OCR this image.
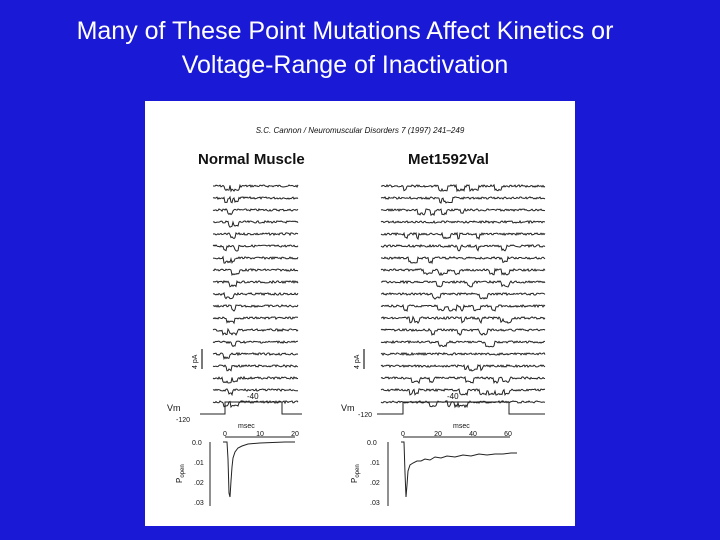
Many of These Point Mutations Affect Kinetics or
Voltage-Range of Inactivation
S.C. Cannon / Neuromuscular Disorders 7 (1997) 241–249
Normal Muscle	Met1592Val
4 pA	4 pA
Vm
-120
-40
Vm
-120
-40
msec
0	10	20
msec
0	20	40	60
0.0
.01
.02
.03
$P_{open}$
0.0
.01
.02
.03
$P_{open}$
